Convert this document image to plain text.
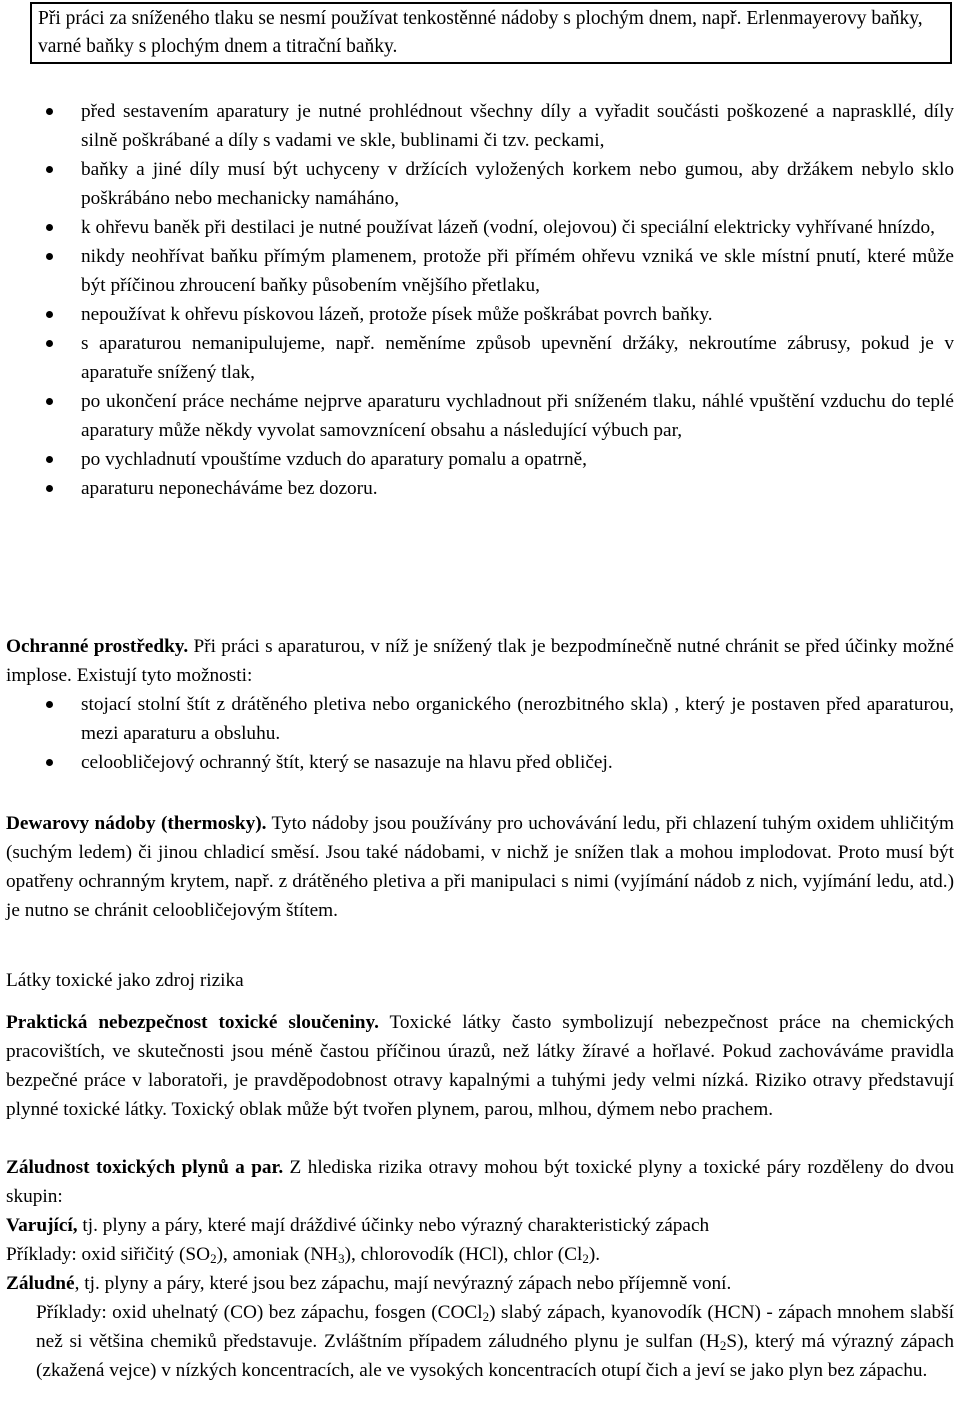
Při práci za sníženého tlaku se nesmí používat tenkostěnné nádoby s plochým dnem, např. Erlenmayerovy baňky, varné baňky s plochým dnem a titrační baňky.
před sestavením aparatury je nutné prohlédnout všechny díly a vyřadit součásti poškozené a napraskllé, díly silně poškrábané a díly s vadami ve skle, bublinami či tzv. peckami,
baňky a jiné díly musí být uchyceny v držících vyložených korkem nebo gumou, aby držákem nebylo sklo poškrábáno nebo mechanicky namáháno,
k ohřevu baněk při destilaci je nutné používat lázeň (vodní, olejovou) či speciální elektricky vyhřívané hnízdo,
nikdy neohřívat baňku přímým plamenem, protože při přímém ohřevu vzniká ve skle místní pnutí, které může být příčinou zhroucení baňky působením vnějšího přetlaku,
nepoužívat k ohřevu pískovou lázeň, protože písek může poškrábat povrch baňky.
s aparaturou nemanipulujeme, např. neměníme způsob upevnění držáky, nekroutíme zábrusy, pokud je v aparatuře snížený tlak,
po ukončení práce necháme nejprve aparaturu vychladnout při sníženém tlaku, náhlé vpuštění vzduchu do teplé aparatury může někdy vyvolat samovznícení obsahu a následující výbuch par,
po vychladnutí vpouštíme vzduch do aparatury pomalu a opatrně,
aparaturu neponecháváme bez dozoru.

Ochranné prostředky. Při práci s aparaturou, v níž je snížený tlak je bezpodmínečně nutné chránit se před účinky možné implose. Existují tyto možnosti:

stojací stolní štít z drátěného pletiva nebo organického (nerozbitného skla) , který je postaven před aparaturou, mezi aparaturu a obsluhu.
celoobličejový ochranný štít, který se nasazuje na hlavu před obličej.

Dewarovy nádoby (thermosky). Tyto nádoby jsou používány pro uchovávání ledu, při chlazení tuhým oxidem uhličitým (suchým ledem) či jinou chladicí směsí. Jsou také nádobami, v nichž je snížen tlak a mohou implodovat. Proto musí být opatřeny ochranným krytem, např. z drátěného pletiva a při manipulaci s nimi (vyjímání nádob z nich, vyjímání ledu, atd.) je nutno se chránit celoobličejovým štítem.

Látky toxické jako zdroj rizika

Praktická nebezpečnost toxické sloučeniny. Toxické látky často symbolizují nebezpečnost práce na chemických pracovištích, ve skutečnosti jsou méně častou příčinou úrazů, než látky žíravé a hořlavé. Pokud zachováváme pravidla bezpečné práce v laboratoři, je pravděpodobnost otravy kapalnými a tuhými jedy velmi nízká. Riziko otravy představují plynné toxické látky. Toxický oblak může být tvořen plynem, parou, mlhou, dýmem nebo prachem.

Záludnost toxických plynů a par. Z hlediska rizika otravy mohou být toxické plyny a toxické páry rozděleny do dvou skupin:

Varující, tj. plyny a páry, které mají dráždivé účinky nebo výrazný charakteristický zápach

Příklady: oxid siřičitý $(SO_2)$, amoniak $(NH_3)$, chlorovodík (HCl), chlor $(Cl_2)$.

Záludné, tj. plyny a páry, které jsou bez zápachu, mají nevýrazný zápach nebo příjemně voní.

Příklady: oxid uhelnatý (CO) bez zápachu, fosgen (COCl$_2$) slabý zápach, kyanovodík (HCN) - zápach mnohem slabší než si většina chemiků představuje. Zvláštním případem záludného plynu je sulfan $(H_2S)$, který má výrazný zápach (zkažená vejce) v nízkých koncentracích, ale ve vysokých koncentracích otupí čich a jeví se jako plyn bez zápachu.
